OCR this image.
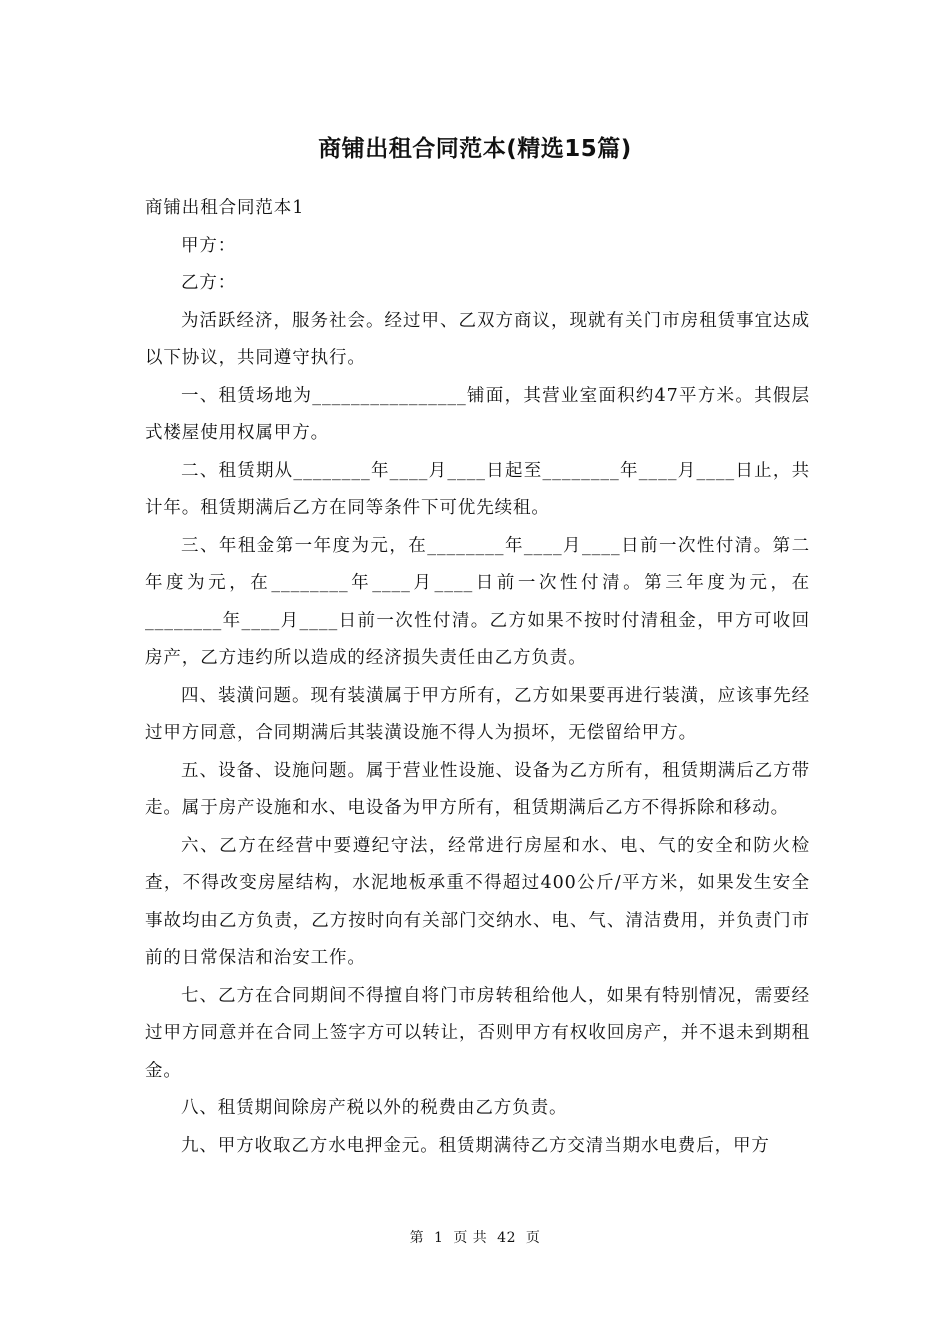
商铺出租合同范本(精选15篇)

商铺出租合同范本1

甲方：

乙方：

为活跃经济，服务社会。经过甲、乙双方商议，现就有关门市房租赁事宜达成以下协议，共同遵守执行。

一、租赁场地为________________铺面，其营业室面积约47平方米。其假层式楼屋使用权属甲方。

二、租赁期从________年____月____日起至________年____月____日止，共计年。租赁期满后乙方在同等条件下可优先续租。

三、年租金第一年度为元，在________年____月____日前一次性付清。第二年度为元，在________年____月____日前一次性付清。第三年度为元，在________年____月____日前一次性付清。乙方如果不按时付清租金，甲方可收回房产，乙方违约所以造成的经济损失责任由乙方负责。

四、装潢问题。现有装潢属于甲方所有，乙方如果要再进行装潢，应该事先经过甲方同意，合同期满后其装潢设施不得人为损坏，无偿留给甲方。

五、设备、设施问题。属于营业性设施、设备为乙方所有，租赁期满后乙方带走。属于房产设施和水、电设备为甲方所有，租赁期满后乙方不得拆除和移动。

六、乙方在经营中要遵纪守法，经常进行房屋和水、电、气的安全和防火检查，不得改变房屋结构，水泥地板承重不得超过400公斤/平方米，如果发生安全事故均由乙方负责，乙方按时向有关部门交纳水、电、气、清洁费用，并负责门市前的日常保洁和治安工作。

七、乙方在合同期间不得擅自将门市房转租给他人，如果有特别情况，需要经过甲方同意并在合同上签字方可以转让，否则甲方有权收回房产，并不退未到期租金。

八、租赁期间除房产税以外的税费由乙方负责。

九、甲方收取乙方水电押金元。租赁期满待乙方交清当期水电费后，甲方

第  1  页 共  42  页
